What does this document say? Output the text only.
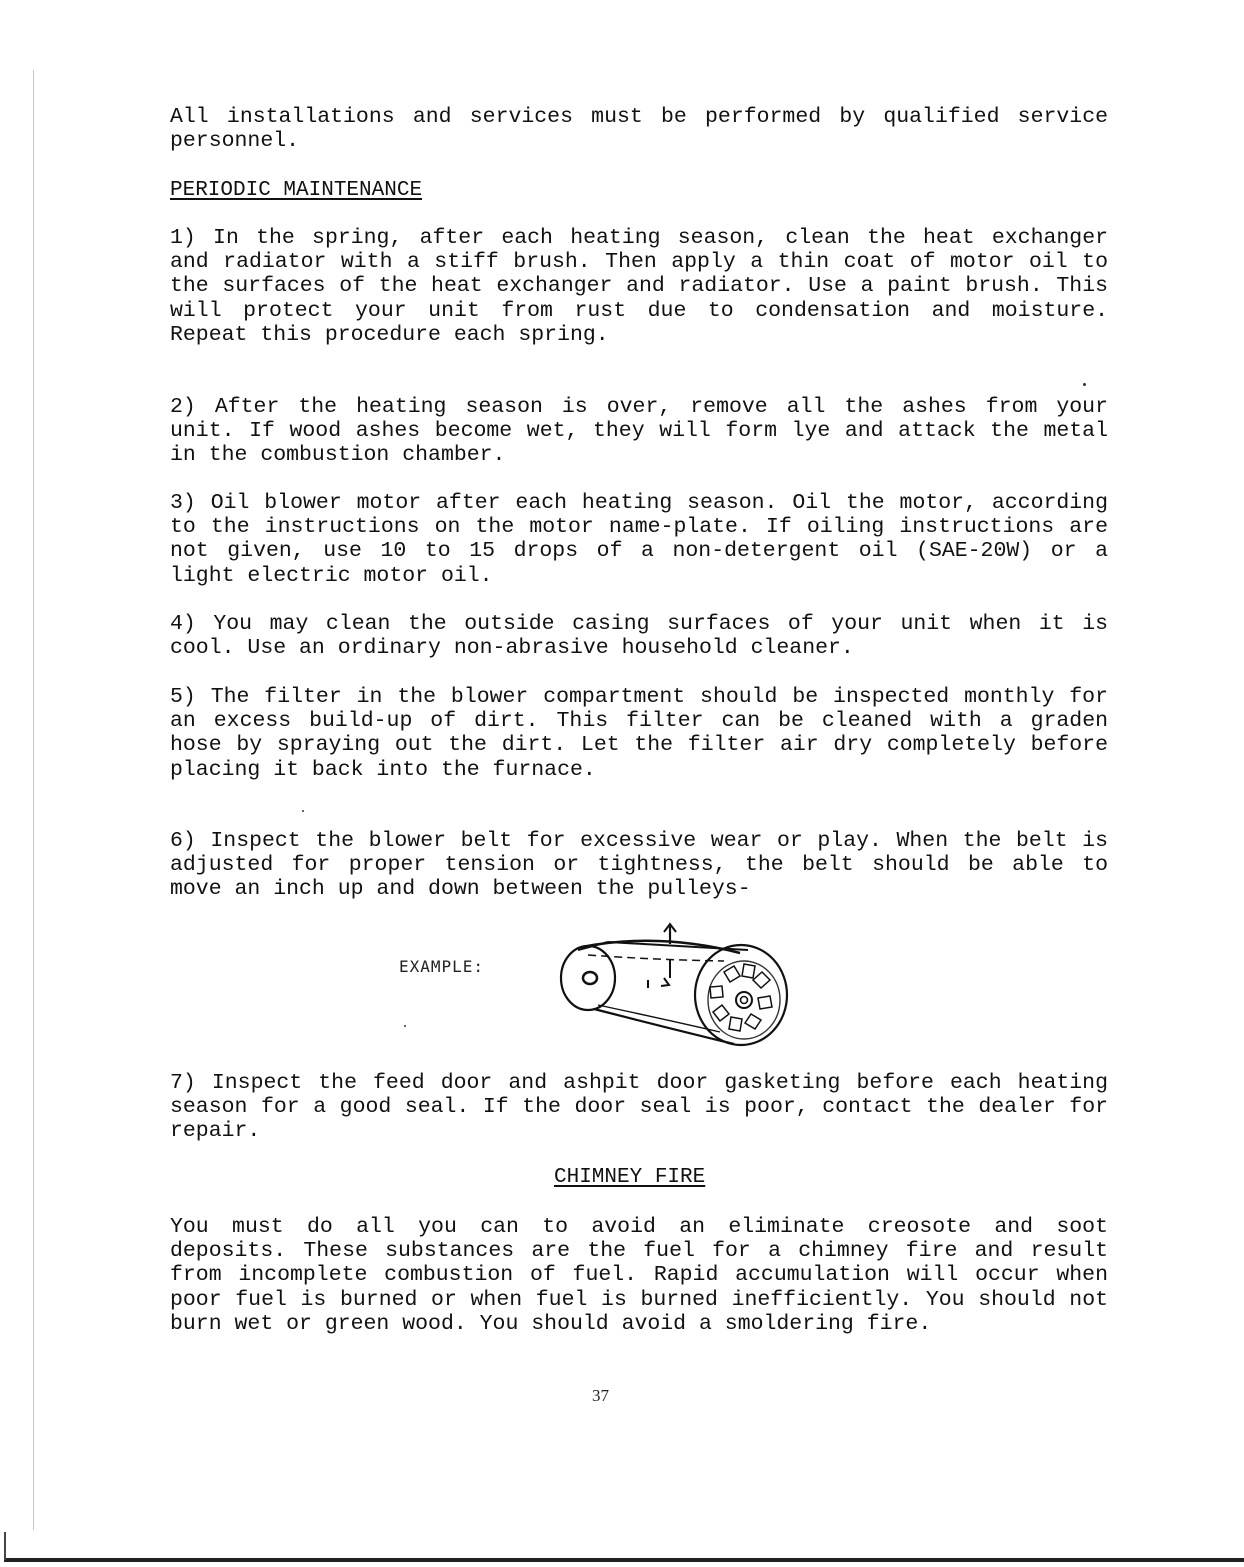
All installations and services must be performed by qualified service personnel.

PERIODIC MAINTENANCE

1) In the spring, after each heating season, clean the heat exchanger and radiator with a stiff brush. Then apply a thin coat of motor oil to the surfaces of the heat exchanger and radiator. Use a paint brush. This will protect your unit from rust due to condensation and moisture. Repeat this procedure each spring.

2) After the heating season is over, remove all the ashes from your unit. If wood ashes become wet, they will form lye and attack the metal in the combustion chamber.

3) Oil blower motor after each heating season. Oil the motor, according to the instructions on the motor name-plate. If oiling instructions are not given, use 10 to 15 drops of a non-detergent oil (SAE-20W) or a light electric motor oil.

4) You may clean the outside casing surfaces of your unit when it is cool. Use an ordinary non-abrasive household cleaner.

5) The filter in the blower compartment should be inspected monthly for an excess build-up of dirt. This filter can be cleaned with a graden hose by spraying out the dirt. Let the filter air dry completely before placing it back into the furnace.

6) Inspect the blower belt for excessive wear or play. When the belt is adjusted for proper tension or tightness, the belt should be able to move an inch up and down between the pulleys-

EXAMPLE:

7) Inspect the feed door and ashpit door gasketing before each heating season for a good seal. If the door seal is poor, contact the dealer for repair.

CHIMNEY FIRE

You must do all you can to avoid an eliminate creosote and soot deposits. These substances are the fuel for a chimney fire and result from incomplete combustion of fuel. Rapid accumulation will occur when poor fuel is burned or when fuel is burned inefficiently. You should not burn wet or green wood. You should avoid a smoldering fire.

37
